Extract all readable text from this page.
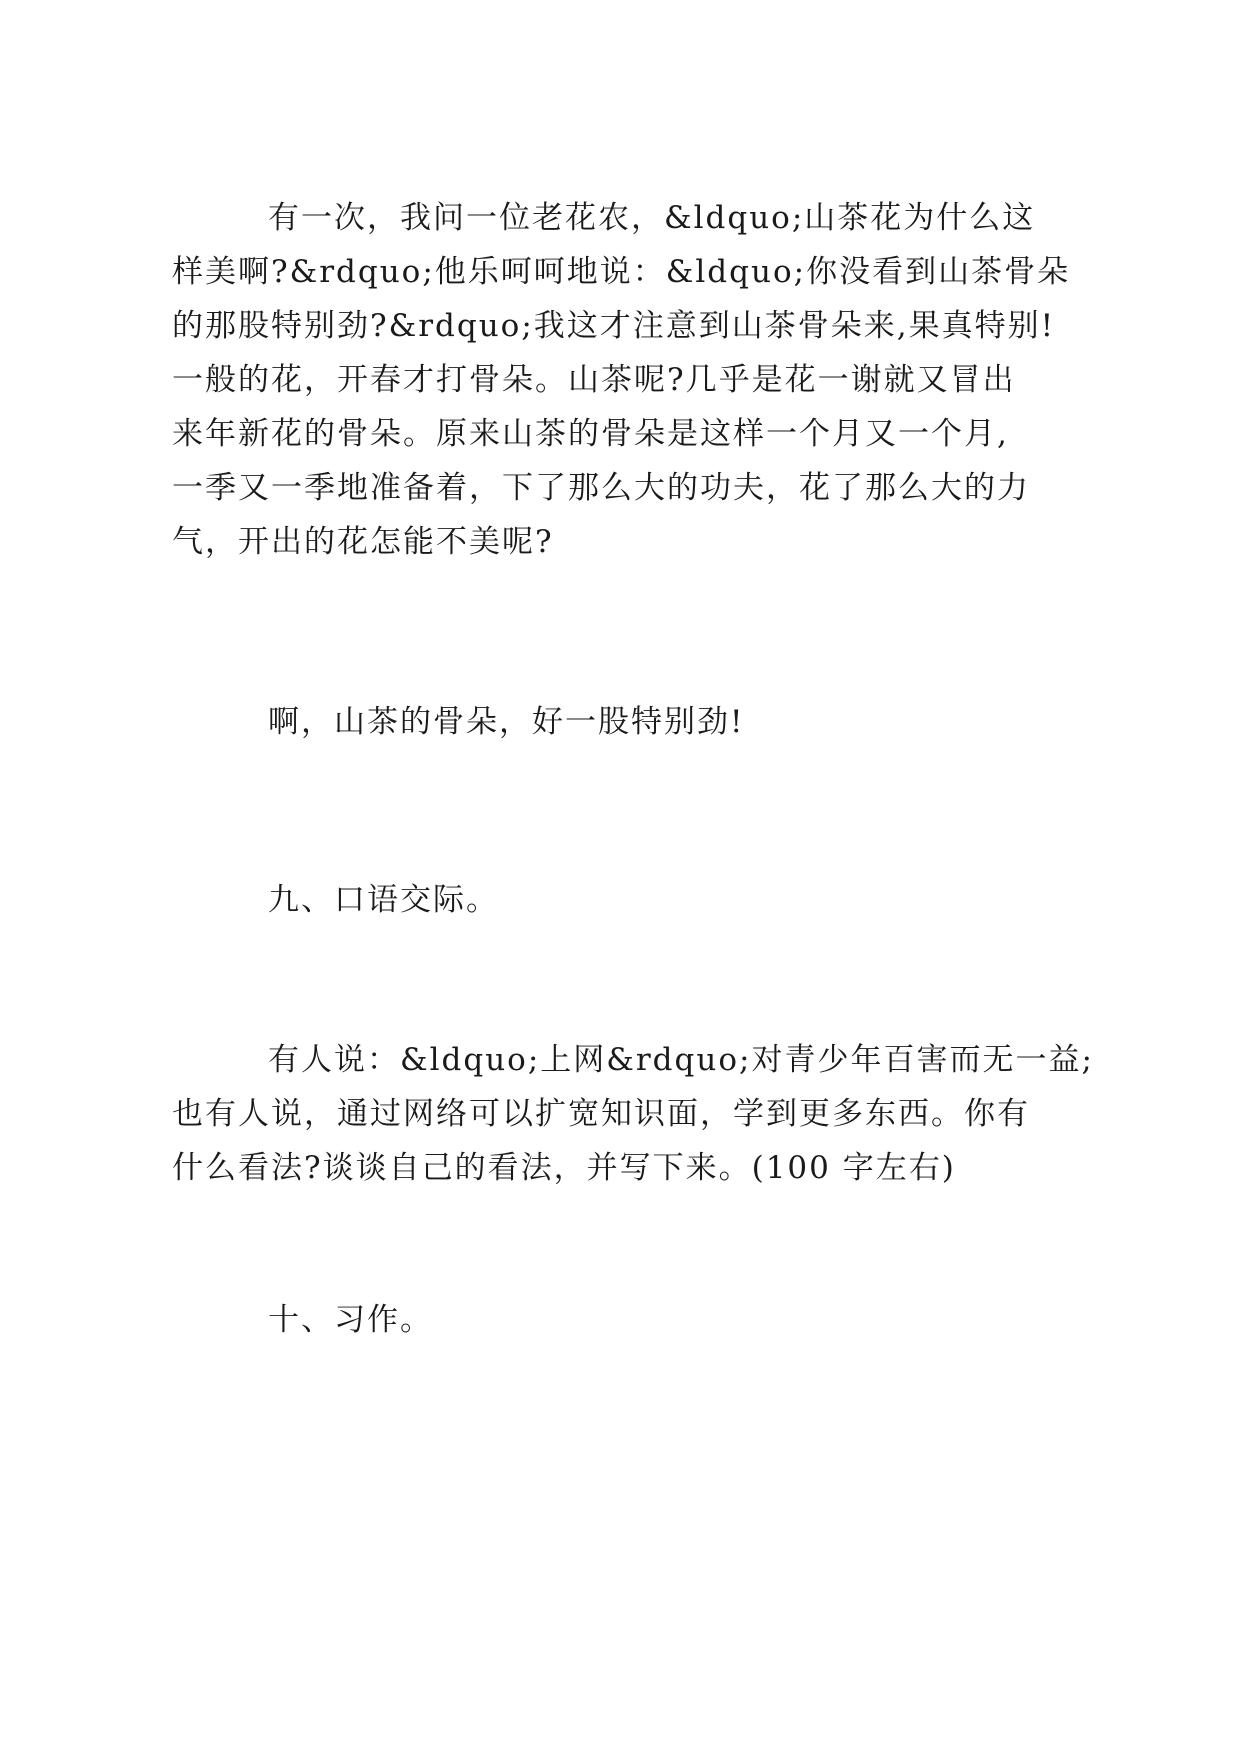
有一次，我问一位老花农，&ldquo;山茶花为什么这
样美啊?&rdquo;他乐呵呵地说：&ldquo;你没看到山茶骨朵
的那股特别劲?&rdquo;我这才注意到山茶骨朵来,果真特别!
一般的花，开春才打骨朵。山茶呢?几乎是花一谢就又冒出
来年新花的骨朵。原来山茶的骨朵是这样一个月又一个月,
一季又一季地准备着，下了那么大的功夫，花了那么大的力
气，开出的花怎能不美呢?
啊，山茶的骨朵，好一股特别劲!
九、口语交际。
有人说：&ldquo;上网&rdquo;对青少年百害而无一益;
也有人说，通过网络可以扩宽知识面，学到更多东西。你有
什么看法?谈谈自己的看法，并写下来。(100 字左右)
十、习作。
